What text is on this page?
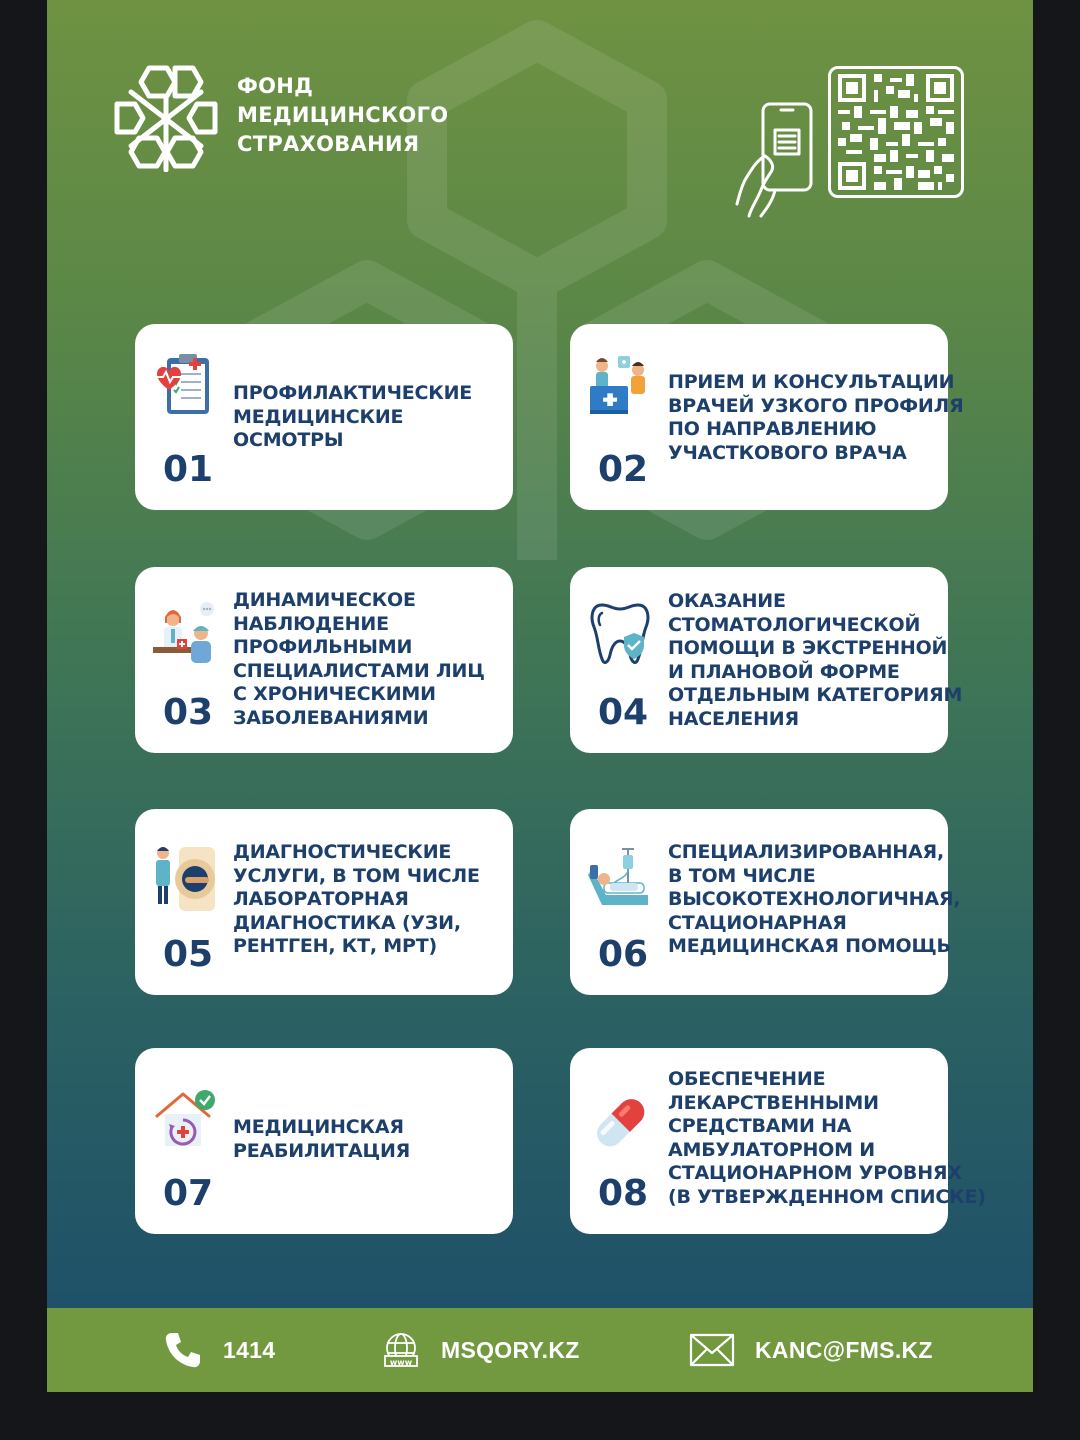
ФОНД
МЕДИЦИНСКОГО
СТРАХОВАНИЯ
ПРОФИЛАКТИЧЕСКИЕ
МЕДИЦИНСКИЕ
ОСМОТРЫ
01
ПРИЕМ И КОНСУЛЬТАЦИИ
ВРАЧЕЙ УЗКОГО ПРОФИЛЯ
ПО НАПРАВЛЕНИЮ
УЧАСТКОВОГО ВРАЧА
02
ДИНАМИЧЕСКОЕ
НАБЛЮДЕНИЕ
ПРОФИЛЬНЫМИ
СПЕЦИАЛИСТАМИ ЛИЦ
С ХРОНИЧЕСКИМИ
ЗАБОЛЕВАНИЯМИ
03
ОКАЗАНИЕ
СТОМАТОЛОГИЧЕСКОЙ
ПОМОЩИ В ЭКСТРЕННОЙ
И ПЛАНОВОЙ ФОРМЕ
ОТДЕЛЬНЫМ КАТЕГОРИЯМ
НАСЕЛЕНИЯ
04
ДИАГНОСТИЧЕСКИЕ
УСЛУГИ, В ТОМ ЧИСЛЕ
ЛАБОРАТОРНАЯ
ДИАГНОСТИКА (УЗИ,
РЕНТГЕН, КТ, МРТ)
05
СПЕЦИАЛИЗИРОВАННАЯ,
В ТОМ ЧИСЛЕ
ВЫСОКОТЕХНОЛОГИЧНАЯ,
СТАЦИОНАРНАЯ
МЕДИЦИНСКАЯ ПОМОЩЬ
06
МЕДИЦИНСКАЯ
РЕАБИЛИТАЦИЯ
07
ОБЕСПЕЧЕНИЕ
ЛЕКАРСТВЕННЫМИ
СРЕДСТВАМИ НА
АМБУЛАТОРНОМ И
СТАЦИОНАРНОМ УРОВНЯХ
(В УТВЕРЖДЕННОМ СПИСКЕ)
08
1414	www MSQORY.KZ	KANC@FMS.KZ
